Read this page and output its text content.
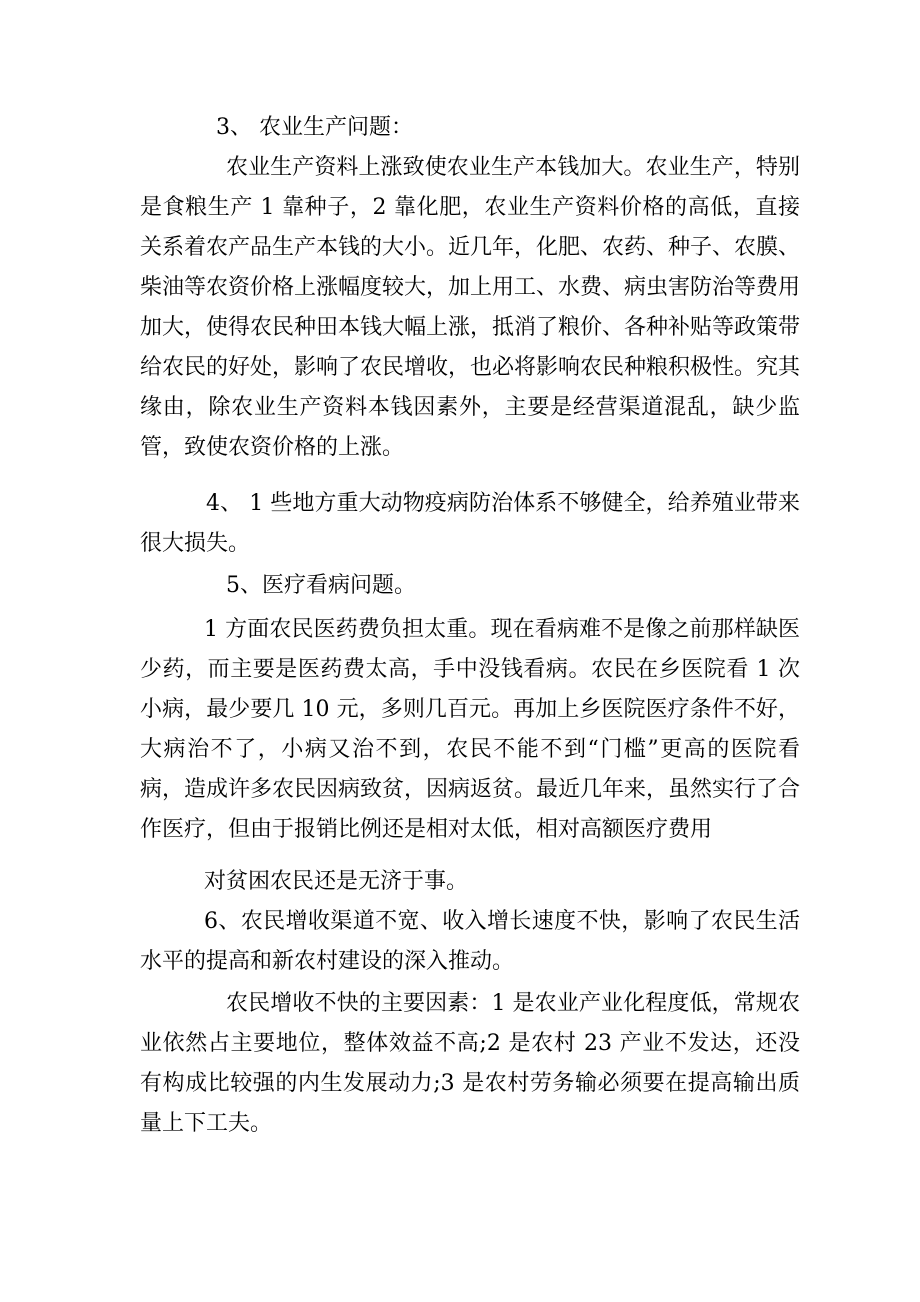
3、 农业生产问题：

农业生产资料上涨致使农业生产本钱加大。农业生产，特别是食粮生产 1 靠种子，2 靠化肥，农业生产资料价格的高低，直接关系着农产品生产本钱的大小。近几年，化肥、农药、种子、农膜、柴油等农资价格上涨幅度较大，加上用工、水费、病虫害防治等费用加大，使得农民种田本钱大幅上涨，抵消了粮价、各种补贴等政策带给农民的好处，影响了农民增收，也必将影响农民种粮积极性。究其缘由，除农业生产资料本钱因素外，主要是经营渠道混乱，缺少监管，致使农资价格的上涨。

4、 1 些地方重大动物疫病防治体系不够健全，给养殖业带来很大损失。

5、医疗看病问题。

1 方面农民医药费负担太重。现在看病难不是像之前那样缺医少药，而主要是医药费太高，手中没钱看病。农民在乡医院看 1 次小病，最少要几 10 元，多则几百元。再加上乡医院医疗条件不好，大病治不了，小病又治不到，农民不能不到“门槛”更高的医院看病，造成许多农民因病致贫，因病返贫。最近几年来，虽然实行了合作医疗，但由于报销比例还是相对太低，相对高额医疗费用

对贫困农民还是无济于事。

6、农民增收渠道不宽、收入增长速度不快，影响了农民生活水平的提高和新农村建设的深入推动。

农民增收不快的主要因素：1 是农业产业化程度低，常规农业依然占主要地位，整体效益不高;2 是农村 23 产业不发达，还没有构成比较强的内生发展动力;3 是农村劳务输必须要在提高输出质量上下工夫。
